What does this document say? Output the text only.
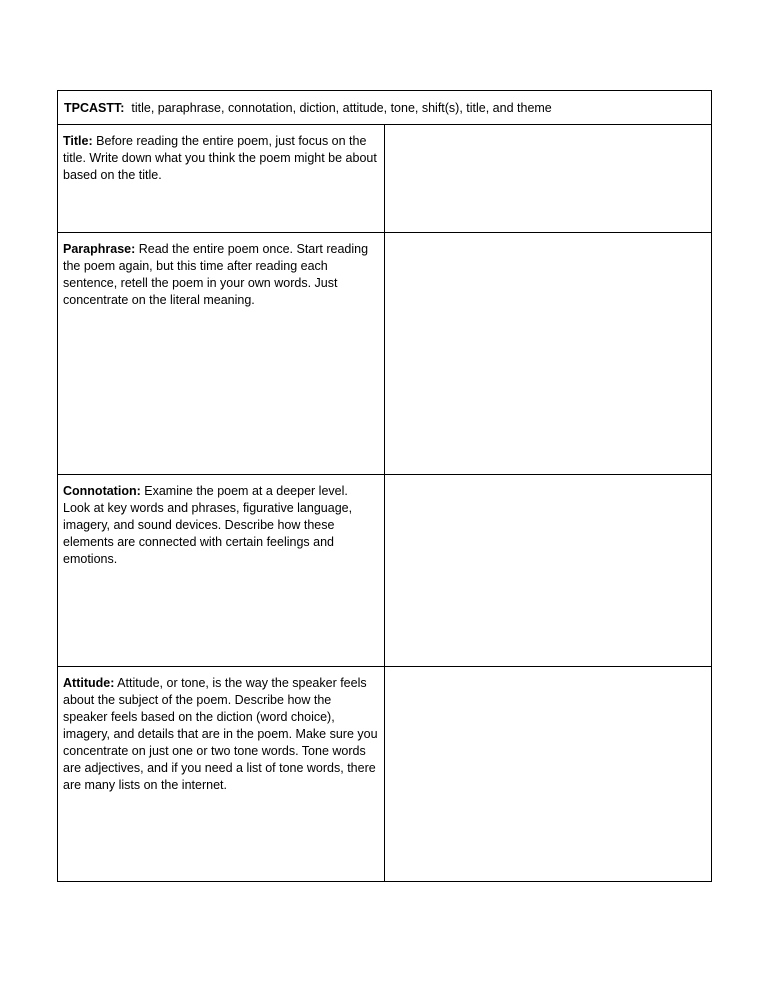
TPCASTT: title, paraphrase, connotation, diction, attitude, tone, shift(s), title, and theme	

Title: Before reading the entire poem, just focus on the title. Write down what you think the poem might be about based on the title.	

Paraphrase: Read the entire poem once. Start reading the poem again, but this time after reading each sentence, retell the poem in your own words. Just concentrate on the literal meaning.	

Connotation: Examine the poem at a deeper level. Look at key words and phrases, figurative language, imagery, and sound devices. Describe how these elements are connected with certain feelings and emotions.	

Attitude: Attitude, or tone, is the way the speaker feels about the subject of the poem. Describe how the speaker feels based on the diction (word choice), imagery, and details that are in the poem. Make sure you concentrate on just one or two tone words. Tone words are adjectives, and if you need a list of tone words, there are many lists on the internet.	
